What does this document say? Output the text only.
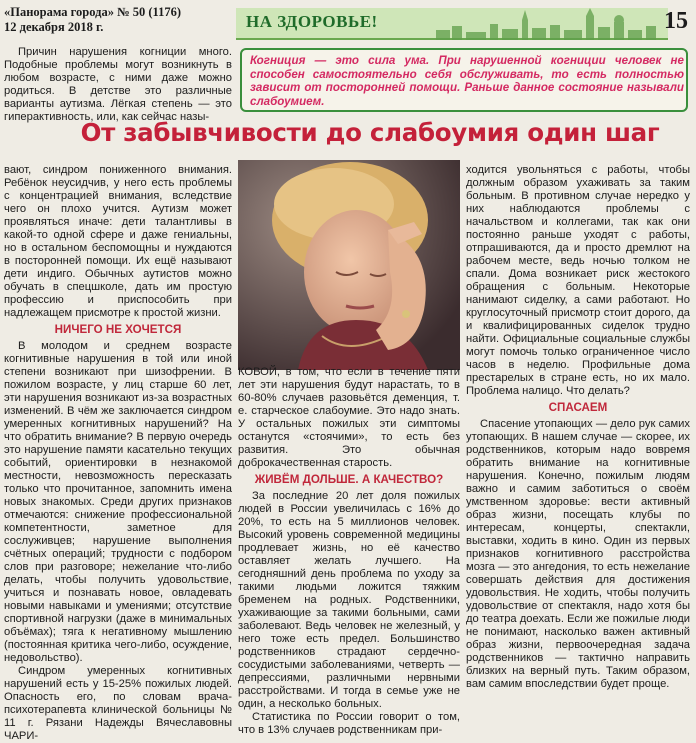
«Панорама города» № 50 (1176)
12 декабря 2018 г.	НА ЗДОРОВЬЕ!	15

Причин нарушения когниции много. Подобные проблемы могут возникнуть в любом возрасте, с ними даже можно родиться. В детстве это различные варианты аутизма. Лёгкая степень — это гиперактивность, или, как сейчас назы-

Когниция — это сила ума. При нарушенной когниции человек не способен самостоятельно себя обслуживать, то есть полностью зависит от посторонней помощи. Раньше данное состояние называли слабоумием.
От забывчивости до слабоумия один шаг

вают, синдром пониженного внимания. Ребёнок неусидчив, у него есть проблемы с концентрацией внимания, вследствие чего он плохо учится. Аутизм может проявляться иначе: дети талантливы в какой-то одной сфере и даже гениальны, но в остальном беспомощны и нуждаются в посторонней помощи. Их ещё называют дети индиго. Обычных аутистов можно обучать в спецшколе, дать им простую профессию и приспособить при надлежащем присмотре к простой жизни.

НИЧЕГО НЕ ХОЧЕТСЯ

В молодом и среднем возрасте когнитивные нарушения в той или иной степени возникают при шизофрении. В пожилом возрасте, у лиц старше 60 лет, эти нарушения возникают из-за возрастных изменений. В чём же заключается синдром умеренных когнитивных нарушений? На что обратить внимание? В первую очередь это нарушение памяти касательно текущих событий, ориентировки в незнакомой местности, невозможность пересказать только что прочитанное, запомнить имена новых знакомых. Среди других признаков отмечаются: снижение профессиональной компетентности, заметное для сослуживцев; нарушение выполнения счётных операций; трудности с подбором слов при разговоре; нежелание что-либо делать, чтобы получить удовольствие, учиться и познавать новое, овладевать новыми навыками и умениями; отсутствие спортивной нагрузки (даже в минимальных объёмах); тяга к негативному мышлению (постоянная критика чего-либо, осуждение, недовольство).

Синдром умеренных когнитивных нарушений есть у 15-25% пожилых людей. Опасность его, по словам врача-психотерапевта клинической больницы № 11 г. Рязани Надежды Вячеславовны ЧАРИ-

КОВОЙ, в том, что если в течение пяти лет эти нарушения будут нарастать, то в 60-80% случаев разовьётся деменция, т. е. старческое слабоумие. Это надо знать. У остальных пожилых эти симптомы останутся «стоячими», то есть без развития. Это обычная доброкачественная старость.

ЖИВЁМ ДОЛЬШЕ. А КАЧЕСТВО?

За последние 20 лет доля пожилых людей в России увеличилась с 16% до 20%, то есть на 5 миллионов человек. Высокий уровень современной медицины продлевает жизнь, но её качество оставляет желать лучшего. На сегодняшний день проблема по уходу за такими людьми ложится тяжким бременем на родных. Родственники, ухаживающие за такими больными, сами заболевают. Ведь человек не железный, у него тоже есть предел. Большинство родственников страдают сердечно-сосудистыми заболеваниями, четверть — депрессиями, различными нервными расстройствами. И тогда в семье уже не один, а несколько больных.

Статистика по России говорит о том, что в 13% случаев родственникам при-

ходится увольняться с работы, чтобы должным образом ухаживать за таким больным. В противном случае нередко у них наблюдаются проблемы с начальством и коллегами, так как они постоянно раньше уходят с работы, отпрашиваются, да и просто дремлют на рабочем месте, ведь ночью толком не спали. Дома возникает риск жестокого обращения с больным. Некоторые нанимают сиделку, а сами работают. Но круглосуточный присмотр стоит дорого, да и квалифицированных сиделок трудно найти. Официальные социальные службы могут помочь только ограниченное число часов в неделю. Профильные дома престарелых в стране есть, но их мало. Проблема налицо. Что делать?

СПАСАЕМ

Спасение утопающих — дело рук самих утопающих. В нашем случае — скорее, их родственников, которым надо вовремя обратить внимание на когнитивные нарушения. Конечно, пожилым людям важно и самим заботиться о своём умственном здоровье: вести активный образ жизни, посещать клубы по интересам, концерты, спектакли, выставки, ходить в кино. Один из первых признаков когнитивного расстройства мозга — это ангедония, то есть нежелание совершать действия для достижения удовольствия. Не ходить, чтобы получить удовольствие от спектакля, надо хотя бы до театра доехать. Если же пожилые люди не понимают, насколько важен активный образ жизни, первоочередная задача родственников — тактично направить близких на верный путь. Таким образом, вам самим впоследствии будет проще.
